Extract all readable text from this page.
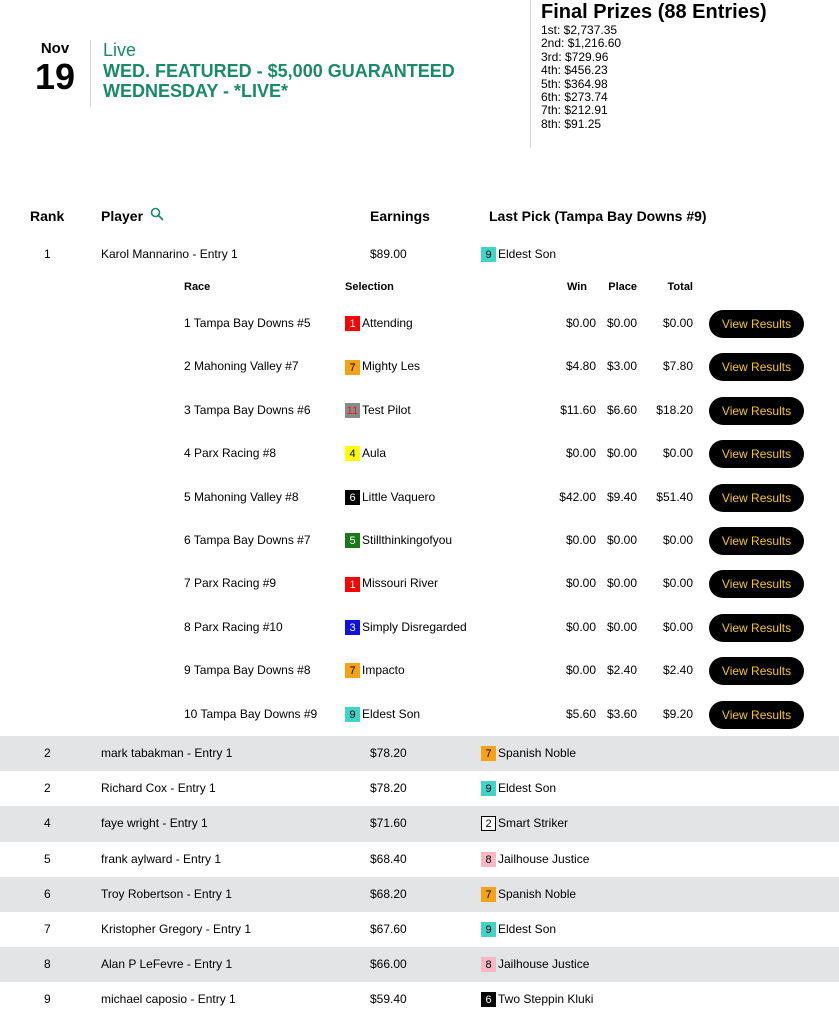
Nov
19
Live
WED. FEATURED - $5,000 GUARANTEED WEDNESDAY - *LIVE*
Final Prizes (88 Entries)
1st: $2,737.35
2nd: $1,216.60
3rd: $729.96
4th: $456.23
5th: $364.98
6th: $273.74
7th: $212.91
8th: $91.25
Rank	Player	Earnings	Last Pick (Tampa Bay Downs #9)
1	Karol Mannarino - Entry 1	$89.00	9 Eldest Son
Race	Selection	Win Place	Total
1 Tampa Bay Downs #5	1 Attending	$0.00 $0.00 $0.00	View Results
2 Mahoning Valley #7	7 Mighty Les	$4.80 $3.00 $7.80	View Results
3 Tampa Bay Downs #6	11 Test Pilot	$11.60 $6.60 $18.20	View Results
4 Parx Racing #8	4 Aula	$0.00 $0.00 $0.00	View Results
5 Mahoning Valley #8	6 Little Vaquero	$42.00 $9.40 $51.40	View Results
6 Tampa Bay Downs #7	5 Stillthinkingofyou	$0.00 $0.00 $0.00	View Results
7 Parx Racing #9	1 Missouri River	$0.00 $0.00 $0.00	View Results
8 Parx Racing #10	3 Simply Disregarded	$0.00 $0.00 $0.00	View Results
9 Tampa Bay Downs #8	7 Impacto	$0.00 $2.40 $2.40	View Results
10 Tampa Bay Downs #9	9 Eldest Son	$5.60 $3.60 $9.20	View Results
2	mark tabakman - Entry 1	$78.20	7 Spanish Noble
2	Richard Cox - Entry 1	$78.20	9 Eldest Son
4	faye wright - Entry 1	$71.60	2 Smart Striker
5	frank aylward - Entry 1	$68.40	8 Jailhouse Justice
6	Troy Robertson - Entry 1	$68.20	7 Spanish Noble
7	Kristopher Gregory - Entry 1	$67.60	9 Eldest Son
8	Alan P LeFevre - Entry 1	$66.00	8 Jailhouse Justice
9	michael caposio - Entry 1	$59.40	6 Two Steppin Kluki
